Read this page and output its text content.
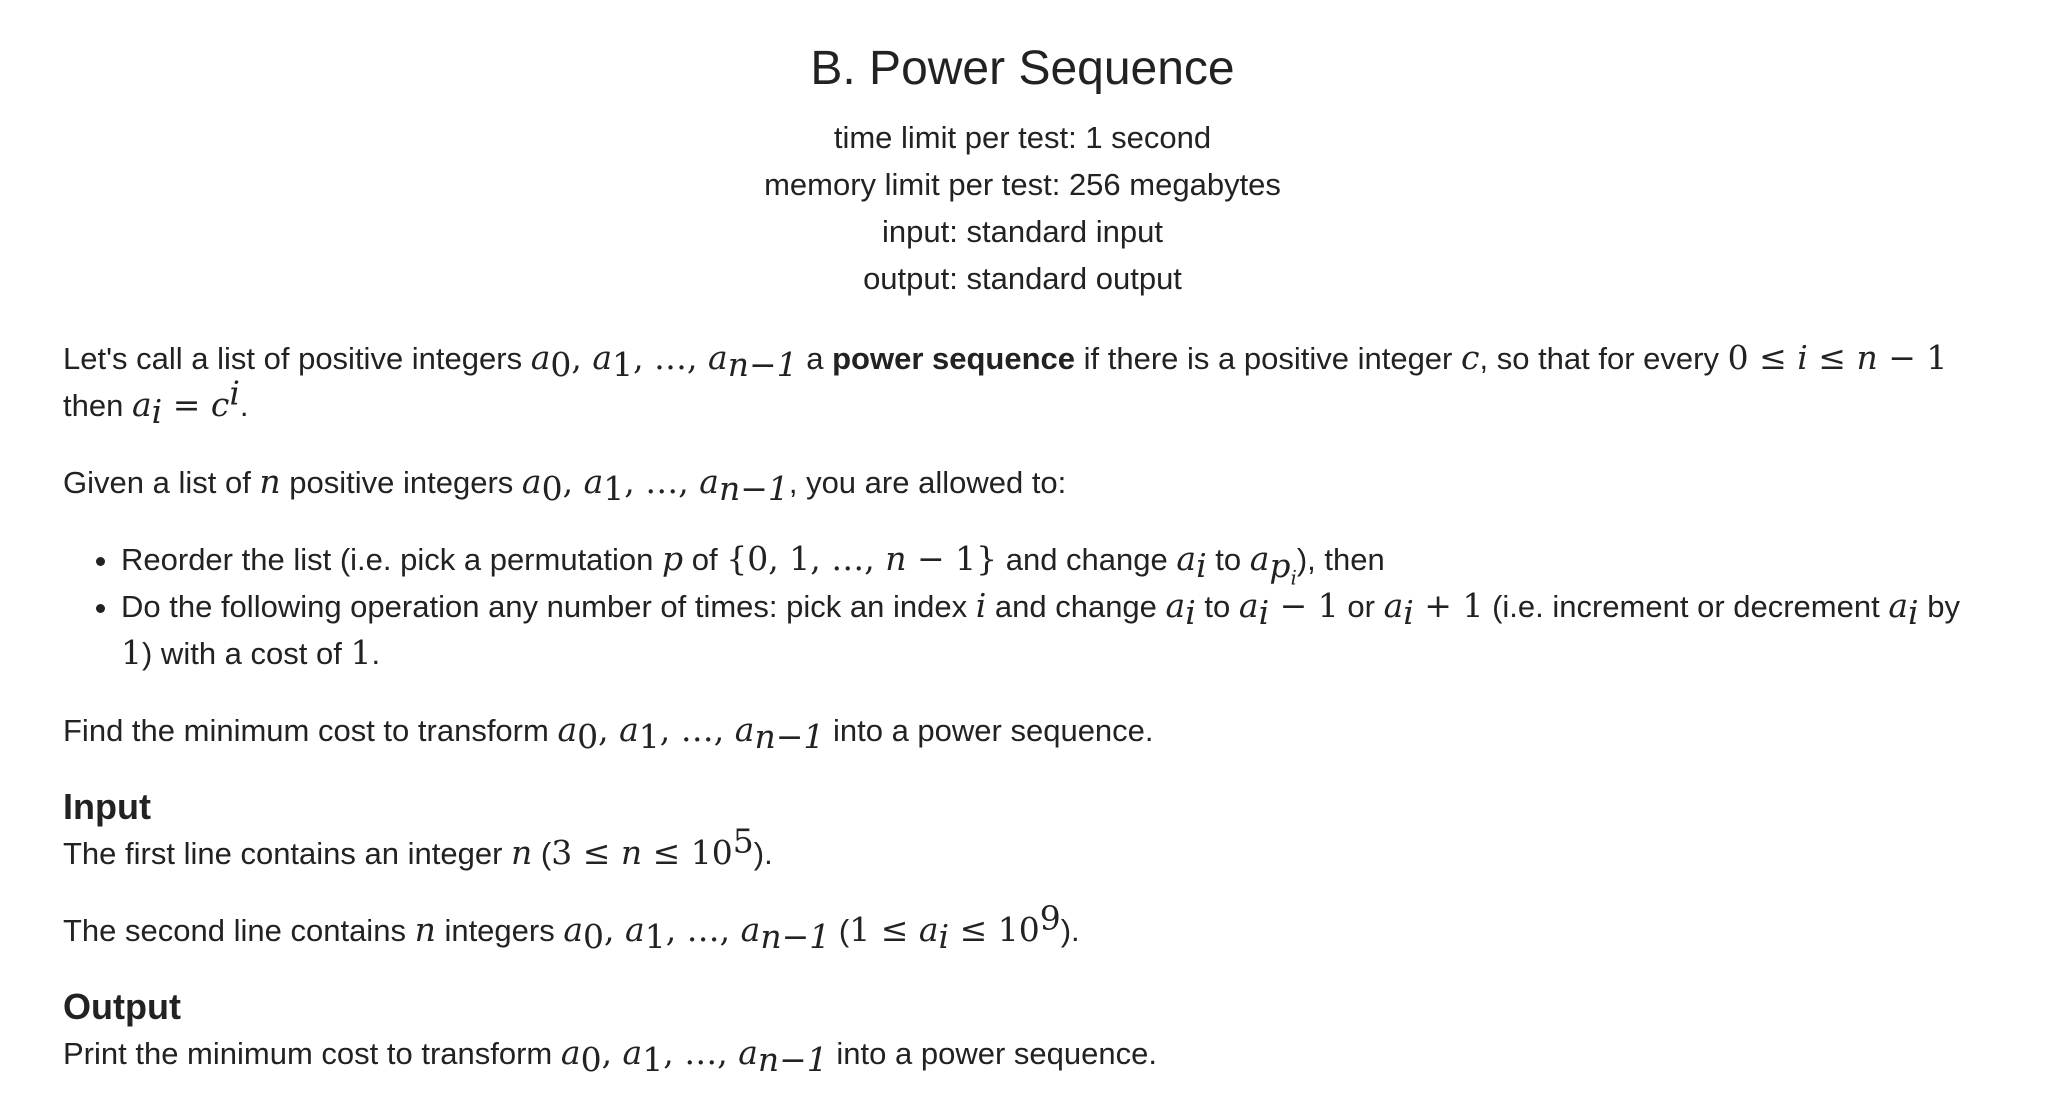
B. Power Sequence
time limit per test: 1 second
memory limit per test: 256 megabytes
input: standard input
output: standard output

Let's call a list of positive integers $a_0$, $a_1$, …, $a_{n-1}$ a power sequence if there is a positive integer c, so that for every 0 ≤ i ≤ n − 1
then $a_i = c^i$.

Given a list of n positive integers $a_0$, $a_1$, …, $a_{n-1}$, you are allowed to:

• Reorder the list (i.e. pick a permutation p of {0, 1, …, n − 1} and change $a_i$ to $a_{p_i}$), then
• Do the following operation any number of times: pick an index i and change $a_i$ to $a_i - 1$ or $a_i + 1$ (i.e. increment or decrement $a_i$ by
1) with a cost of 1.

Find the minimum cost to transform $a_0$, $a_1$, …, $a_{n-1}$ into a power sequence.

Input

The first line contains an integer n $(3 \le n \le 10^5)$.

The second line contains n integers $a_0$, $a_1$, …, $a_{n-1}$ $(1 \le a_i \le 10^9)$.

Output

Print the minimum cost to transform $a_0$, $a_1$, …, $a_{n-1}$ into a power sequence.
